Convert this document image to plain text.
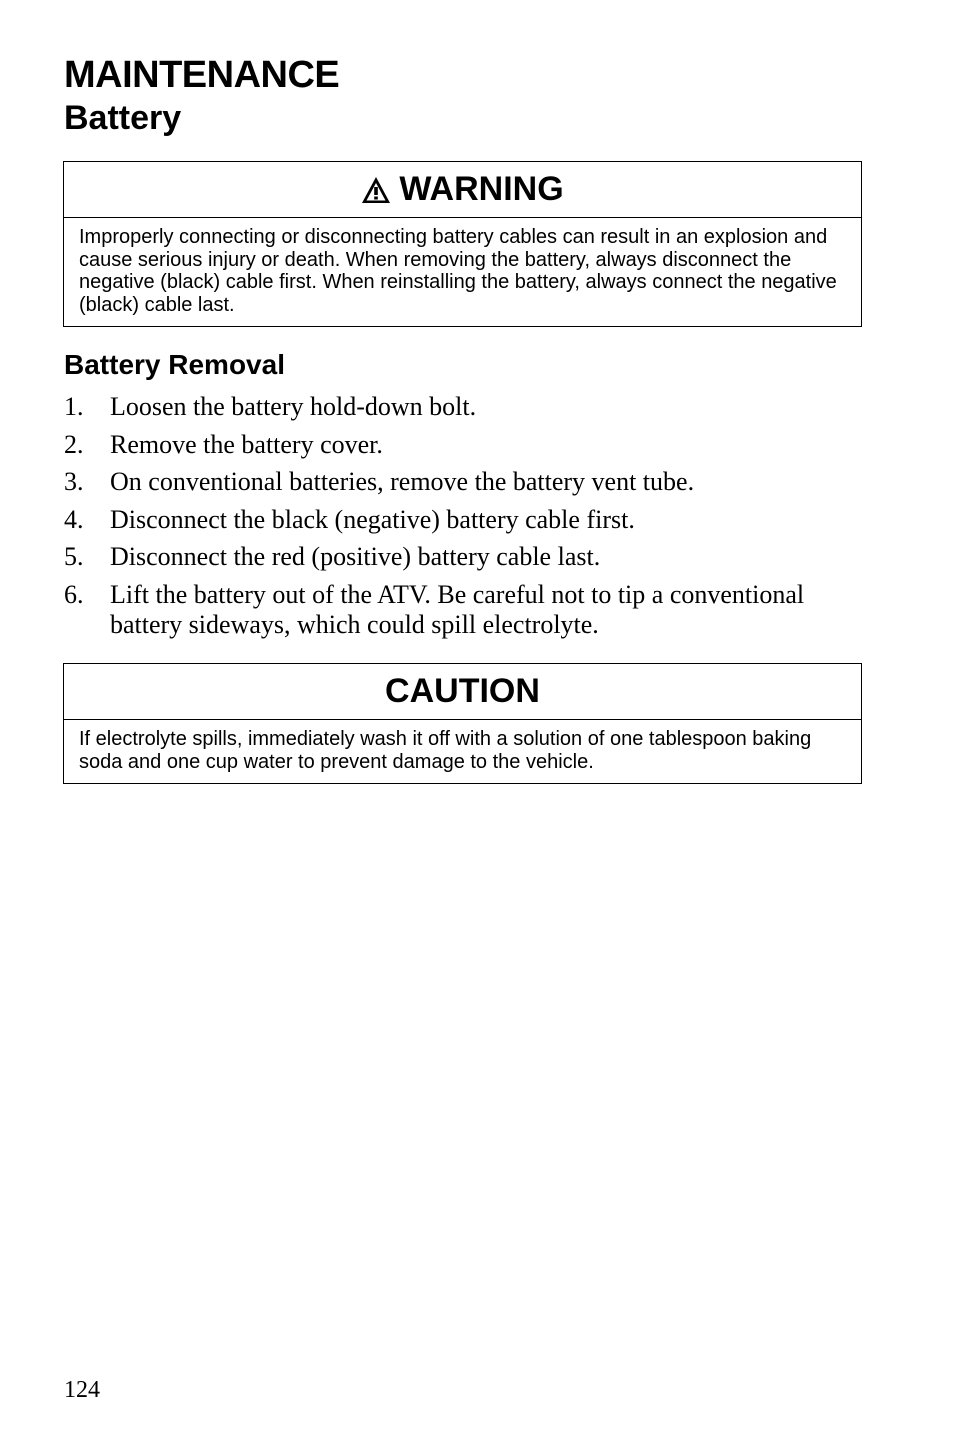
MAINTENANCE
Battery
WARNING
Improperly connecting or disconnecting battery cables can result in an explosion and cause serious injury or death. When removing the battery, always disconnect the negative (black) cable first. When reinstalling the battery, always connect the negative (black) cable last.
Battery Removal
1.	Loosen the battery hold-down bolt.
2.	Remove the battery cover.
3.	On conventional batteries, remove the battery vent tube.
4.	Disconnect the black (negative) battery cable first.
5.	Disconnect the red (positive) battery cable last.
6.	Lift the battery out of the ATV. Be careful not to tip a conventional battery sideways, which could spill electrolyte.
CAUTION
If electrolyte spills, immediately wash it off with a solution of one tablespoon baking soda and one cup water to prevent damage to the vehicle.
124
